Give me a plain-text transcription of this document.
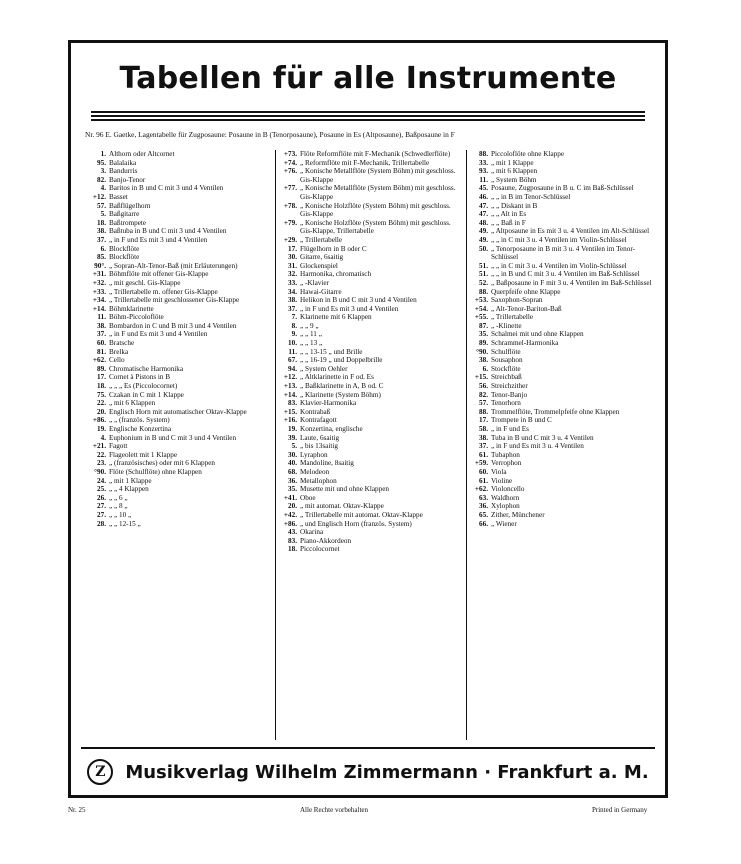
Tabellen für alle Instrumente
Nr. 96 E. Gaetke, Lagentabelle für Zugposaune: Posaune in B (Tenorposaune), Posaune in Es (Altposaune), Baßposaune in F
1. Althorn oder Altcornet
95. Balalaika
3. Bandurris
82. Banjo-Tenor
4. Baritos in B und C mit 3 und 4 Ventilen
+12. Basset
57. Baßflügelhorn
5. Baßgitarre
18. Baßtrompete
38. Baßtuba in B und C mit 3 und 4 Ventilen
37. „ in F und Es mit 3 und 4 Ventilen
6. Blockflöte
85. Blockflöte
90°. „ Sopran-Alt-Tenor-Baß (mit Erläuterungen)
+31. Böhmflöte mit offener Gis-Klappe
+32. „ mit geschl. Gis-Klappe
+33. „ Trillertabelle m. offener Gis-Klappe
+34. „ Trillertabelle mit geschlossener Gis-Klappe
+14. Böhmklarinette
11. Böhm-Piccoloflöte
38. Bombardon in C und B mit 3 und 4 Ventilen
37. „ in F und Es mit 3 und 4 Ventilen
60. Bratsche
81. Brelka
+62. Cello
89. Chromatische Harmonika
17. Cornet à Pistons in B
18. „ „ „ Es (Piccolocornet)
75. Czakan in C mit 1 Klappe
22. „ mit 6 Klappen
20. Englisch Horn mit automatischer Oktav-Klappe
+86. „ „ (französ. System)
19. Englische Konzertina
4. Euphonium in B und C mit 3 und 4 Ventilen
+21. Fagott
22. Flageolett mit 1 Klappe
23. „ (französisches) oder mit 6 Klappen
°90. Flöte (Schulflöte) ohne Klappen
24. „ mit 1 Klappe
25. „ „ 4 Klappen
26. „ „ 6 „
27. „ „ 8 „
27. „ „ 10 „
28. „ „ 12-15 „
+73. Flöte Reformflöte mit F-Mechanik (Schwedlerflöte)
+74. „ Reformflöte mit F-Mechanik, Trillertabelle
+76. „ Konische Metallflöte (System Böhm) mit geschloss. Gis-Klappe
+77. „ Konische Metallflöte (System Böhm) mit geschloss. Gis-Klappe
+78. „ Konische Holzflöte (System Böhm) mit geschloss. Gis-Klappe
+79. „ Konische Holzflöte (System Böhm) mit geschloss. Gis-Klappe, Trillertabelle
+29. „ Trillertabelle
17. Flügelhorn in B oder C
30. Gitarre, 6saitig
31. Glockenspiel
32. Harmonika, chromatisch
33. „ -Klavier
34. Hawai-Gitarre
38. Helikon in B und C mit 3 und 4 Ventilen
37. „ in F und Es mit 3 und 4 Ventilen
7. Klarinette mit 6 Klappen
8. „ „ 9 „
9. „ „ 11 „
10. „ „ 13 „
11. „ „ 13-15 „ und Brille
67. „ „ 16-19 „ und Doppelbrille
94. „ System Oehler
+12. „ Altklarinette in F od. Es
+13. „ Baßklarinette in A, B od. C
+14. „ Klarinette (System Böhm)
83. Klavier-Harmonika
+15. Kontrabaß
+16. Kontrafagott
19. Konzertina, englische
39. Laute, 6saitig
5. „ bis 13saitig
30. Lyraphon
40. Mandoline, 8saitig
68. Melodeon
36. Metallophon
35. Musette mit und ohne Klappen
+41. Oboe
20. „ mit automat. Oktav-Klappe
+42. „ Trillertabelle mit automat. Oktav-Klappe
+86. „ und Englisch Horn (französ. System)
43. Okarina
83. Piano-Akkordeon
18. Piccolocornet
88. Piccoloflöte ohne Klappe
33. „ mit 1 Klappe
93. „ mit 6 Klappen
11. „ System Böhm
45. Posaune, Zugposaune in B u. C im Baß-Schlüssel
46. „ „ in B im Tenor-Schlüssel
47. „ „ Diskant in B
47. „ „ Alt in Es
48. „ „ Baß in F
49. „ Altposaune in Es mit 3 u. 4 Ventilen im Alt-Schlüssel
49. „ „ in C mit 3 u. 4 Ventilen im Violin-Schlüssel
50. „ Tenorposaune in B mit 3 u. 4 Ventilen im Tenor-Schlüssel
51. „ „ in C mit 3 u. 4 Ventilen im Violin-Schlüssel
51. „ „ in B und C mit 3 u. 4 Ventilen im Baß-Schlüssel
52. „ Baßposaune in F mit 3 u. 4 Ventilen im Baß-Schlüssel
88. Querpfeife ohne Klappe
+53. Saxophon-Sopran
+54. „ Alt-Tenor-Bariton-Baß
+55. „ Trillertabelle
87. „ -Klinette
35. Schalmei mit und ohne Klappen
89. Schrammel-Harmonika
°90. Schulflöte
38. Sousaphon
6. Stockflöte
+15. Streichbaß
56. Streichzither
82. Tenor-Banjo
57. Tenorhorn
88. Trommelflöte, Trommelpfeife ohne Klappen
17. Trompete in B und C
58. „ in F und Es
38. Tuba in B und C mit 3 u. 4 Ventilen
37. „ in F und Es mit 3 u. 4 Ventilen
61. Tubaphon
+59. Verrophon
60. Viola
61. Violine
+62. Violoncello
63. Waldhorn
36. Xylophon
65. Zither, Münchener
66. „ Wiener
Z	Musikverlag Wilhelm Zimmermann · Frankfurt a. M.
Nr. 25	Alle Rechte vorbehalten	Printed in Germany
